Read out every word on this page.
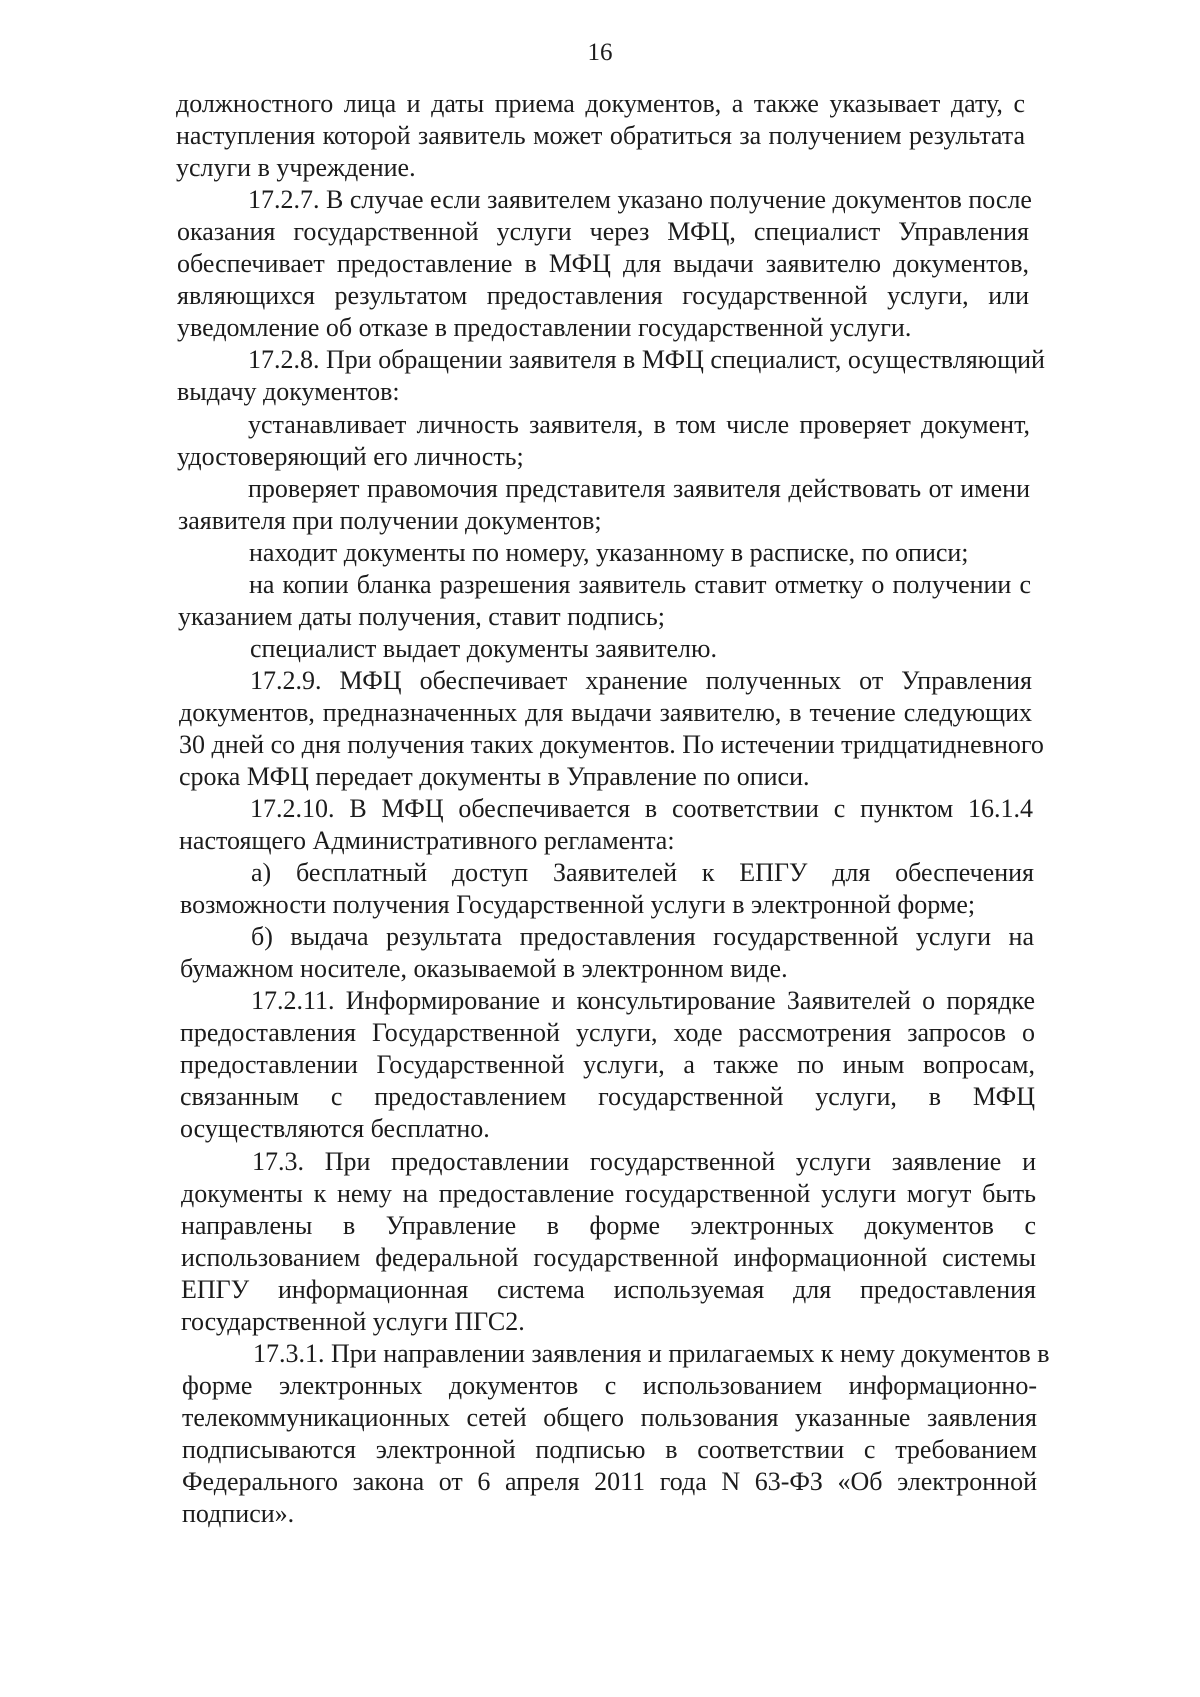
16
должностного лица и даты приема документов, а также указывает дату, с
наступления которой заявитель может обратиться за получением результата
услуги в учреждение.
17.2.7. В случае если заявителем указано получение документов после
оказания государственной услуги через МФЦ, специалист Управления
обеспечивает предоставление в МФЦ для выдачи заявителю документов,
являющихся результатом предоставления государственной услуги, или
уведомление об отказе в предоставлении государственной услуги.
17.2.8. При обращении заявителя в МФЦ специалист, осуществляющий
выдачу документов:
устанавливает личность заявителя, в том числе проверяет документ,
удостоверяющий его личность;
проверяет правомочия представителя заявителя действовать от имени
заявителя при получении документов;
находит документы по номеру, указанному в расписке, по описи;
на копии бланка разрешения заявитель ставит отметку о получении с
указанием даты получения, ставит подпись;
специалист выдает документы заявителю.
17.2.9. МФЦ обеспечивает хранение полученных от Управления
документов, предназначенных для выдачи заявителю, в течение следующих
30 дней со дня получения таких документов. По истечении тридцатидневного
срока МФЦ передает документы в Управление по описи.
17.2.10. В МФЦ обеспечивается в соответствии с пунктом 16.1.4
настоящего Административного регламента:
а) бесплатный доступ Заявителей к ЕПГУ для обеспечения
возможности получения Государственной услуги в электронной форме;
б) выдача результата предоставления государственной услуги на
бумажном носителе, оказываемой в электронном виде.
17.2.11. Информирование и консультирование Заявителей о порядке
предоставления Государственной услуги, ходе рассмотрения запросов о
предоставлении Государственной услуги, а также по иным вопросам,
связанным с предоставлением государственной услуги, в МФЦ
осуществляются бесплатно.
17.3. При предоставлении государственной услуги заявление и
документы к нему на предоставление государственной услуги могут быть
направлены в Управление в форме электронных документов с
использованием федеральной государственной информационной системы
ЕПГУ информационная система используемая для предоставления
государственной услуги ПГС2.
17.3.1. При направлении заявления и прилагаемых к нему документов в
форме электронных документов с использованием информационно-
телекоммуникационных сетей общего пользования указанные заявления
подписываются электронной подписью в соответствии с требованием
Федерального закона от 6 апреля 2011 года N 63-ФЗ «Об электронной
подписи».
